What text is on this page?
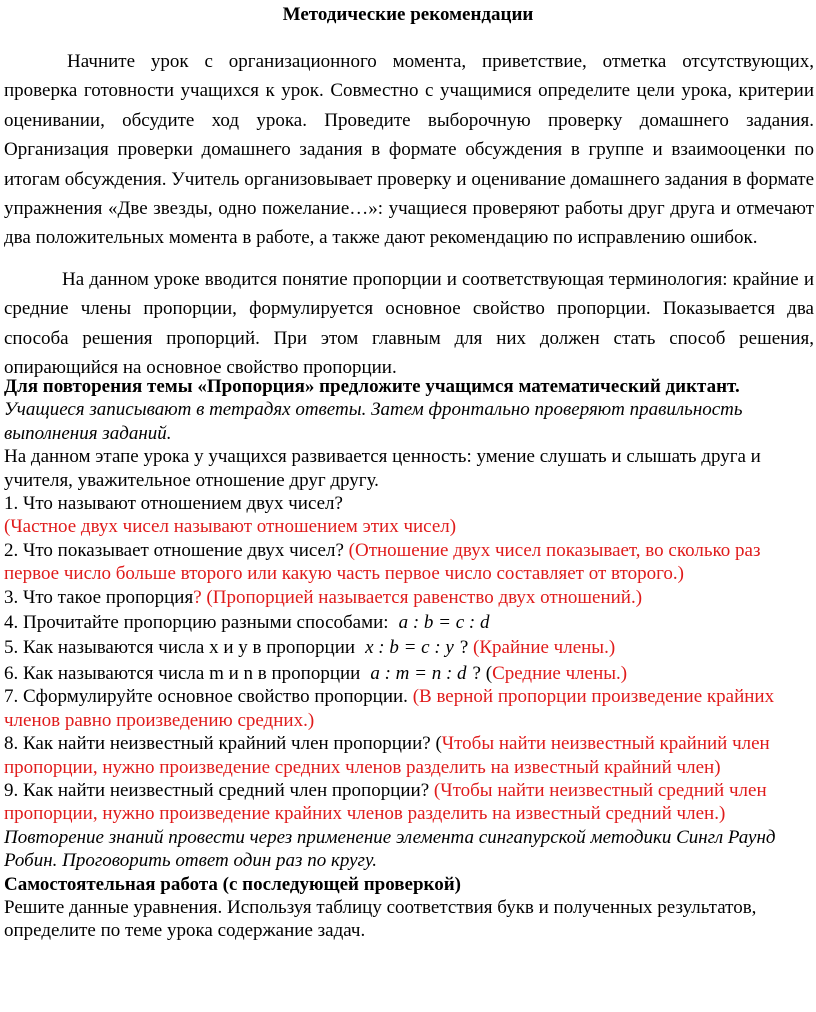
Методические рекомендации
Начните урок с организационного момента, приветствие, отметка отсутствующих, проверка готовности учащихся к урок. Совместно с учащимися определите цели урока, критерии оценивании, обсудите ход урока. Проведите выборочную проверку домашнего задания. Организация проверки домашнего задания в формате обсуждения в группе и взаимооценки по итогам обсуждения. Учитель организовывает проверку и оценивание домашнего задания в формате упражнения «Две звезды, одно пожелание…»: учащиеся проверяют работы друг друга и отмечают два положительных момента в работе, а также дают рекомендацию по исправлению ошибок.
На данном уроке вводится понятие пропорции и соответствующая терминология: крайние и средние члены пропорции, формулируется основное свойство пропорции. Показывается два способа решения пропорций. При этом главным для них должен стать способ решения, опирающийся на основное свойство пропорции.
Для повторения темы «Пропорция» предложите учащимся математический диктант.
Учащиеся записывают в тетрадях ответы. Затем фронтально проверяют правильность выполнения заданий.
На данном этапе урока у учащихся развивается ценность: умение слушать и слышать друга и учителя, уважительное отношение друг другу.
1. Что называют отношением двух чисел?
(Частное двух чисел называют отношением этих чисел)
2. Что показывает отношение двух чисел? (Отношение двух чисел показывает, во сколько раз первое число больше второго или какую часть первое число составляет от второго.)
3. Что такое пропорция? (Пропорцией называется равенство двух отношений.)
4. Прочитайте пропорцию разными способами: a : b = c : d
5. Как называются числа x и y в пропорции x : b = c : y ? (Крайние члены.)
6. Как называются числа m и n в пропорции a : m = n : d ? (Средние члены.)
7. Сформулируйте основное свойство пропорции. (В верной пропорции произведение крайних членов равно произведению средних.)
8. Как найти неизвестный крайний член пропорции? (Чтобы найти неизвестный крайний член пропорции, нужно произведение средних членов разделить на известный крайний член)
9. Как найти неизвестный средний член пропорции? (Чтобы найти неизвестный средний член пропорции, нужно произведение крайних членов разделить на известный средний член.)
Повторение знаний провести через применение элемента сингапурской методики Сингл Раунд Робин. Проговорить ответ один раз по кругу.
Самостоятельная работа (с последующей проверкой)
Решите данные уравнения. Используя таблицу соответствия букв и полученных результатов, определите по теме урока содержание задач.
